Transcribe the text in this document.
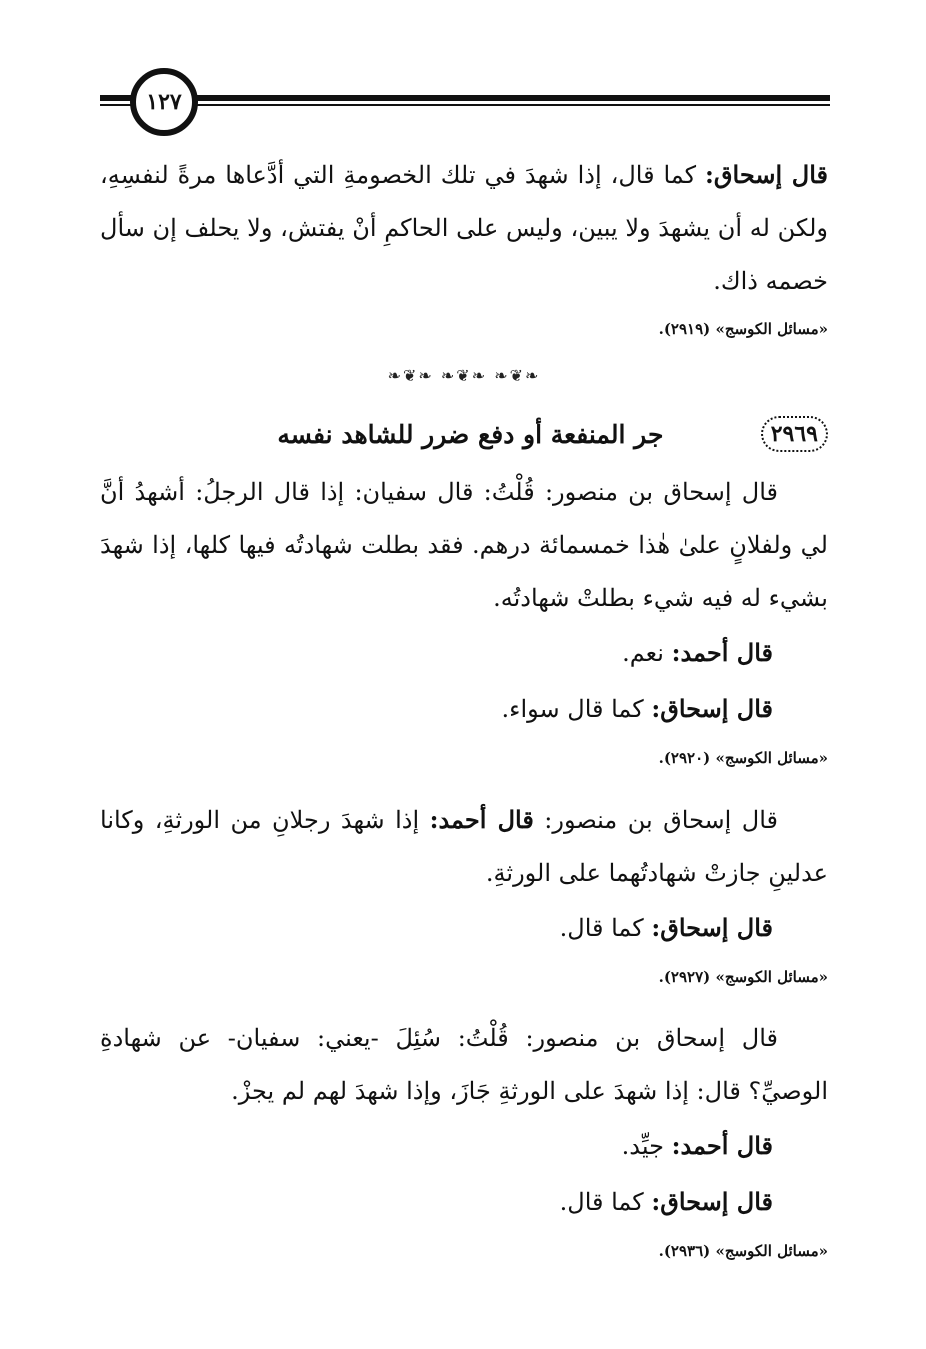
١٢٧

قال إسحاق: كما قال، إذا شهدَ في تلك الخصومةِ التي أدَّعاها مرةً لنفسِهِ، ولكن له أن يشهدَ ولا يبين، وليس على الحاكمِ أنْ يفتش، ولا يحلف إن سأل خصمه ذاك.

«مسائل الكوسج» (٢٩١٩).

❧❦❧ ❧❦❧ ❧❦❧
٢٩٦٩
جر المنفعة أو دفع ضرر للشاهد نفسه

قال إسحاق بن منصور: قُلْتُ: قال سفيان: إذا قال الرجلُ: أشهدُ أنَّ لي ولفلانٍ علىٰ هٰذا خمسمائة درهم. فقد بطلت شهادتُه فيها كلها، إذا شهدَ بشيء له فيه شيء بطلتْ شهادتُه.

قال أحمد: نعم.

قال إسحاق: كما قال سواء.

«مسائل الكوسج» (٢٩٢٠).

قال إسحاق بن منصور: قال أحمد: إذا شهدَ رجلانِ من الورثةِ، وكانا عدلينِ جازتْ شهادتُهما على الورثةِ.

قال إسحاق: كما قال.

«مسائل الكوسج» (٢٩٢٧).

قال إسحاق بن منصور: قُلْتُ: سُئِلَ -يعني: سفيان- عن شهادةِ الوصيِّ؟ قال: إذا شهدَ على الورثةِ جَازَ، وإذا شهدَ لهم لم يجزْ.

قال أحمد: جيِّد.

قال إسحاق: كما قال.

«مسائل الكوسج» (٢٩٣٦).
